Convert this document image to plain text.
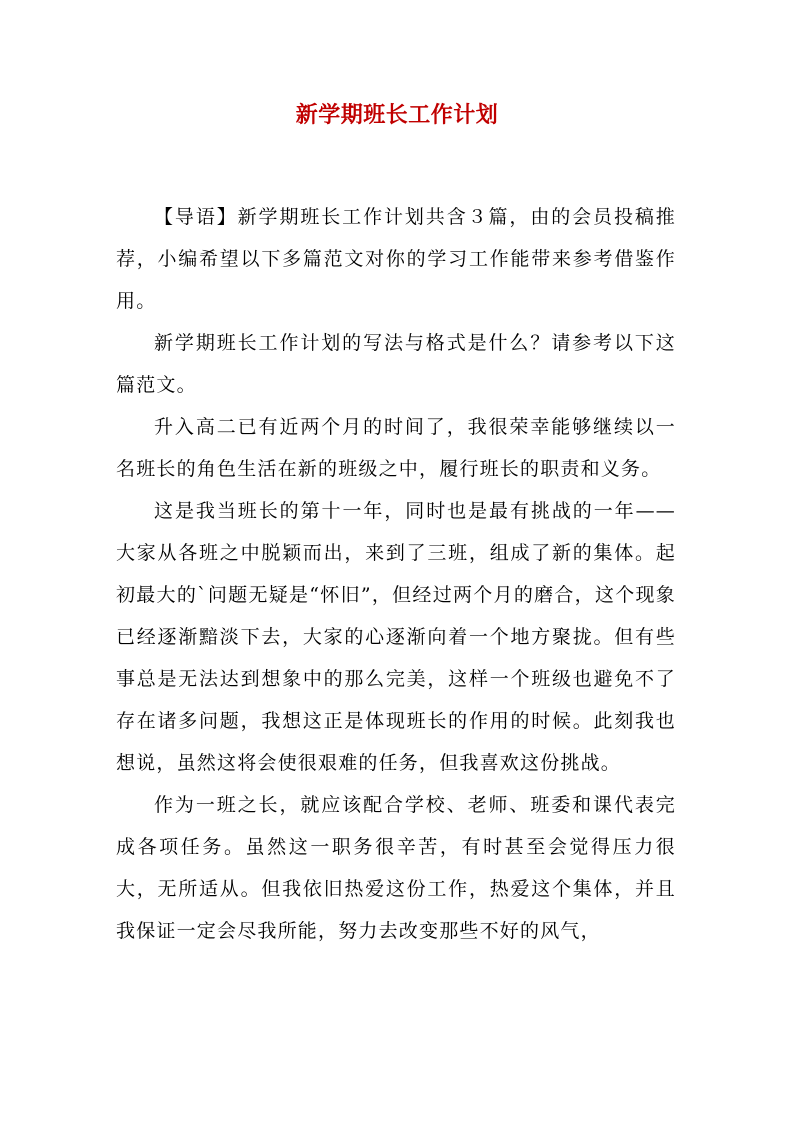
新学期班长工作计划

【导语】新学期班长工作计划共含３篇，由的会员投稿推荐，小编希望以下多篇范文对你的学习工作能带来参考借鉴作用。

新学期班长工作计划的写法与格式是什么？请参考以下这篇范文。

升入高二已有近两个月的时间了，我很荣幸能够继续以一名班长的角色生活在新的班级之中，履行班长的职责和义务。

这是我当班长的第十一年，同时也是最有挑战的一年——大家从各班之中脱颖而出，来到了三班，组成了新的集体。起初最大的`问题无疑是“怀旧”，但经过两个月的磨合，这个现象已经逐渐黯淡下去，大家的心逐渐向着一个地方聚拢。但有些事总是无法达到想象中的那么完美，这样一个班级也避免不了存在诸多问题，我想这正是体现班长的作用的时候。此刻我也想说，虽然这将会使很艰难的任务，但我喜欢这份挑战。

作为一班之长，就应该配合学校、老师、班委和课代表完成各项任务。虽然这一职务很辛苦，有时甚至会觉得压力很大，无所适从。但我依旧热爱这份工作，热爱这个集体，并且我保证一定会尽我所能，努力去改变那些不好的风气，
